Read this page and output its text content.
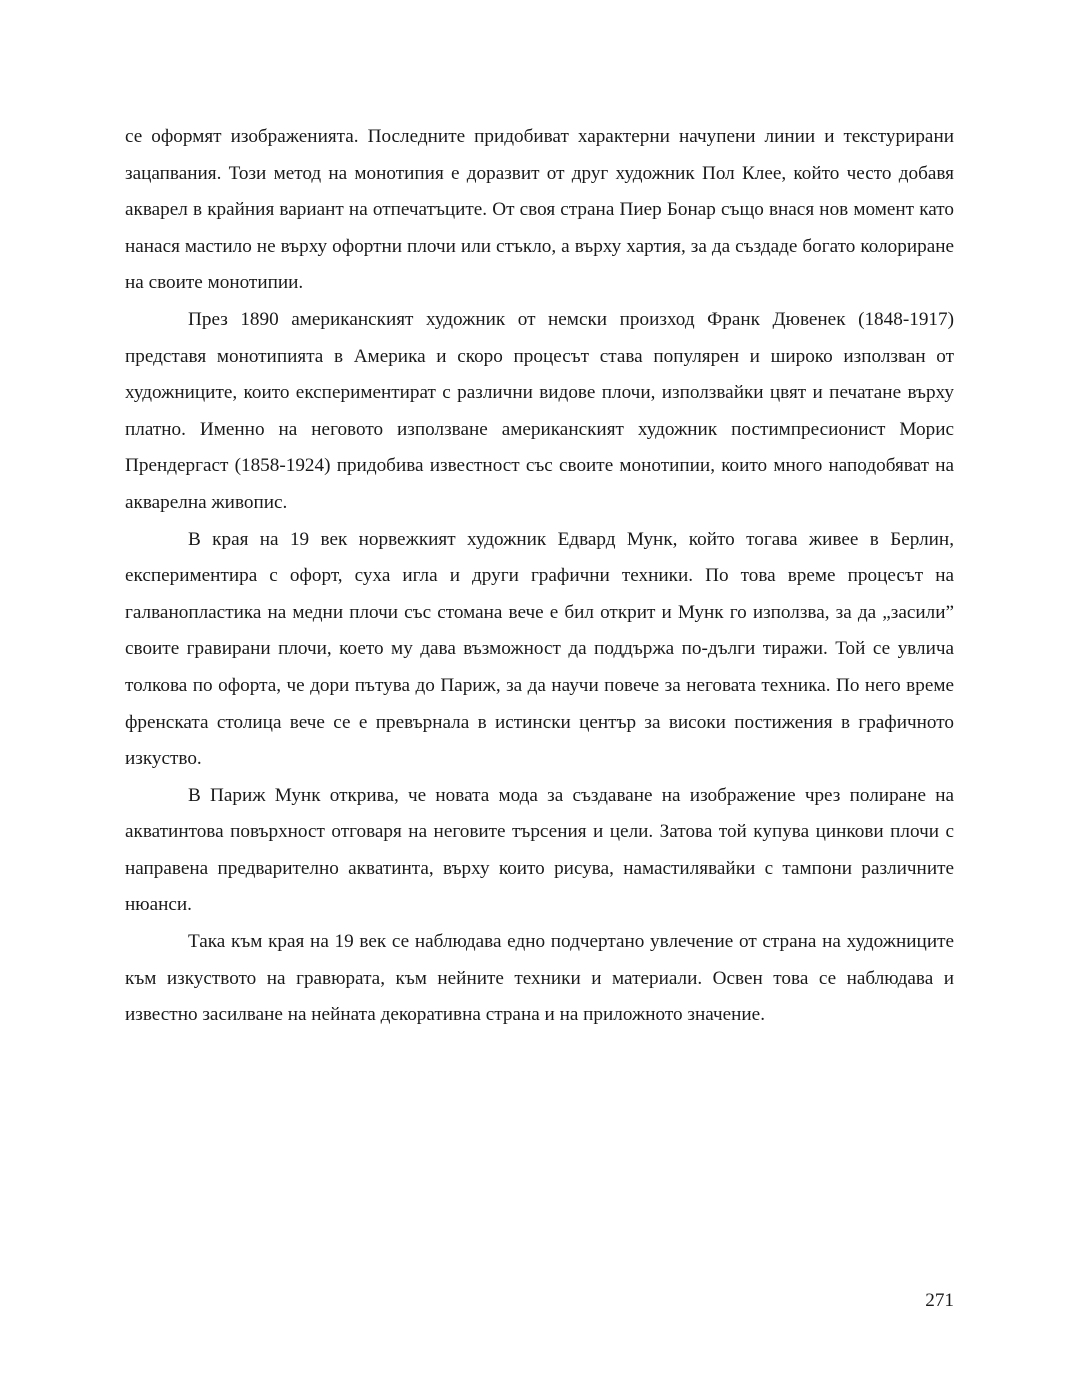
се оформят изображенията. Последните придобиват характерни начупени линии и текстурирани зацапвания. Този метод на монотипия е доразвит от друг художник Пол Клее, който често добавя акварел в крайния вариант на отпечатъците. От своя страна Пиер Бонар също внася нов момент като нанася мастило не върху офортни плочи или стъкло, а върху хартия, за да създаде богато колориране на своите монотипии.

През 1890 американският художник от немски произход Франк Дювенек (1848-1917) представя монотипията в Америка и скоро процесът става популярен и широко използван от художниците, които експериментират с различни видове плочи, използвайки цвят и печатане върху платно. Именно на неговото използване американският художник постимпресионист Морис Прендергаст (1858-1924) придобива известност със своите монотипии, които много наподобяват на акварелна живопис.

В края на 19 век норвежкият художник Едвард Мунк, който тогава живее в Берлин, експериментира с офорт, суха игла и други графични техники. По това време процесът на галванопластика на медни плочи със стомана вече е бил открит и Мунк го използва, за да „засили” своите гравирани плочи, което му дава възможност да поддържа по-дълги тиражи. Той се увлича толкова по офорта, че дори пътува до Париж, за да научи повече за неговата техника. По него време френската столица вече се е превърнала в истински център за високи постижения в графичното изкуство.

В Париж Мунк открива, че новата мода за създаване на изображение чрез полиране на акватинтова повърхност отговаря на неговите търсения и цели. Затова той купува цинкови плочи с направена предварително акватинта, върху които рисува, намастилявайки с тампони различните нюанси.

Така към края на 19 век се наблюдава едно подчертано увлечение от страна на художниците към изкуството на гравюрата, към нейните техники и материали. Освен това се наблюдава и известно засилване на нейната декоративна страна и на приложното значение.

271
